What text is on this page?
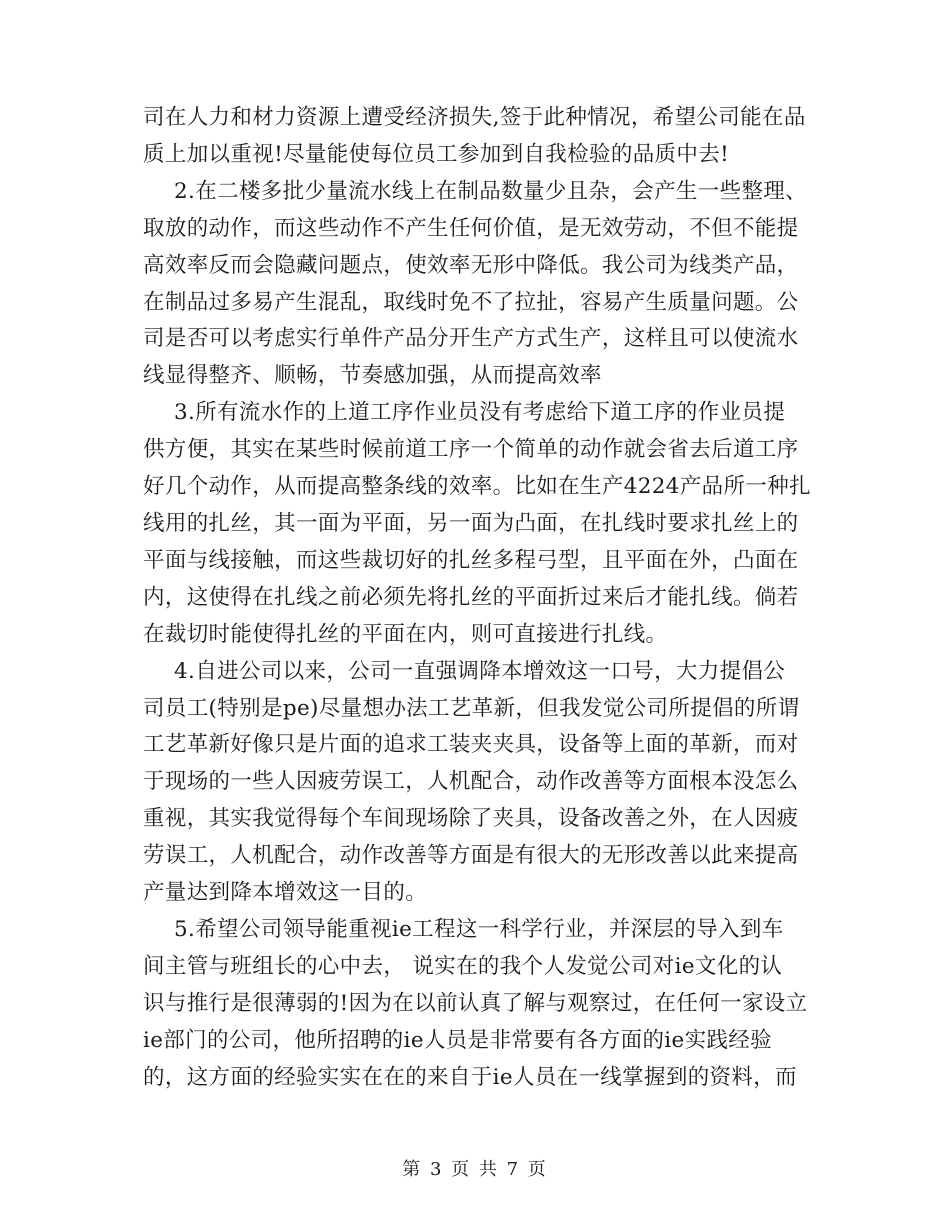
司在人力和材力资源上遭受经济损失,签于此种情况，希望公司能在品
质上加以重视!尽量能使每位员工参加到自我检验的品质中去!
2.在二楼多批少量流水线上在制品数量少且杂，会产生一些整理、
取放的动作，而这些动作不产生任何价值，是无效劳动，不但不能提
高效率反而会隐藏问题点，使效率无形中降低。我公司为线类产品，
在制品过多易产生混乱，取线时免不了拉扯，容易产生质量问题。公
司是否可以考虑实行单件产品分开生产方式生产，这样且可以使流水
线显得整齐、顺畅，节奏感加强，从而提高效率
3.所有流水作的上道工序作业员没有考虑给下道工序的作业员提
供方便，其实在某些时候前道工序一个简单的动作就会省去后道工序
好几个动作，从而提高整条线的效率。比如在生产4224产品所一种扎
线用的扎丝，其一面为平面，另一面为凸面，在扎线时要求扎丝上的
平面与线接触，而这些裁切好的扎丝多程弓型，且平面在外，凸面在
内，这使得在扎线之前必须先将扎丝的平面折过来后才能扎线。倘若
在裁切时能使得扎丝的平面在内，则可直接进行扎线。
4.自进公司以来，公司一直强调降本增效这一口号，大力提倡公
司员工(特别是pe)尽量想办法工艺革新，但我发觉公司所提倡的所谓
工艺革新好像只是片面的追求工装夹夹具，设备等上面的革新，而对
于现场的一些人因疲劳误工，人机配合，动作改善等方面根本没怎么
重视，其实我觉得每个车间现场除了夹具，设备改善之外，在人因疲
劳误工，人机配合，动作改善等方面是有很大的无形改善以此来提高
产量达到降本增效这一目的。
5.希望公司领导能重视ie工程这一科学行业，并深层的导入到车
间主管与班组长的心中去， 说实在的我个人发觉公司对ie文化的认
识与推行是很薄弱的!因为在以前认真了解与观察过，在任何一家设立
ie部门的公司，他所招聘的ie人员是非常要有各方面的ie实践经验
的，这方面的经验实实在在的来自于ie人员在一线掌握到的资料，而
第 3 页 共 7 页
